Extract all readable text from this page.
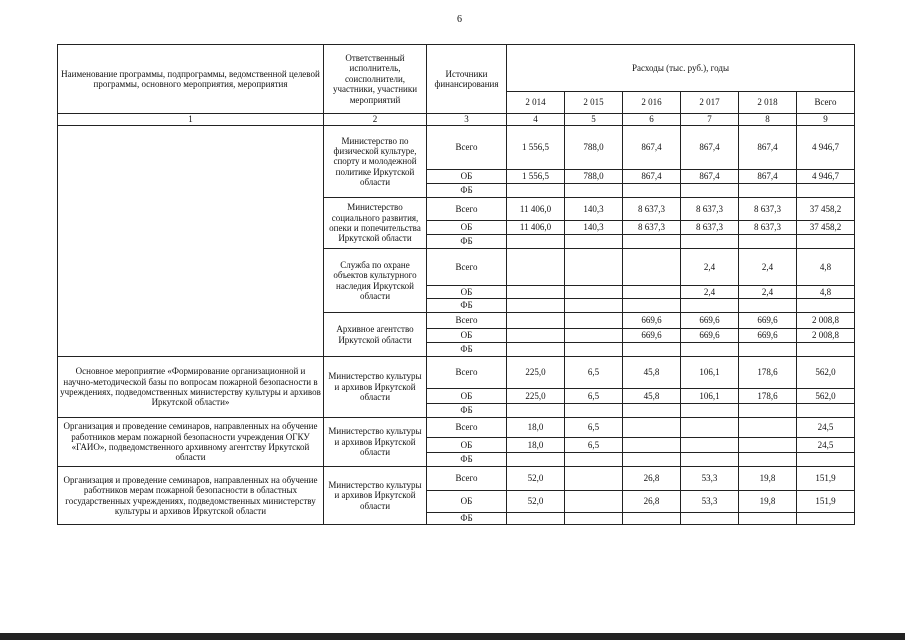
6
Наименование программы, подпрограммы, ведомственной целевой программы, основного мероприятия, мероприятия	Ответственный исполнитель, соисполнители, участники, участники мероприятий	Источники финансирования	Расходы (тыс. руб.), годы					
			2 014	2 015	2 016	2 017	2 018	Всего
1	2	3	4	5	6	7	8	9
	Министерство по физической культуре, спорту и молодежной политике Иркутской области	Всего	1 556,5	788,0	867,4	867,4	867,4	4 946,7
		ОБ	1 556,5	788,0	867,4	867,4	867,4	4 946,7
		ФБ						
	Министерство социального развития, опеки и попечительства Иркутской области	Всего	11 406,0	140,3	8 637,3	8 637,3	8 637,3	37 458,2
		ОБ	11 406,0	140,3	8 637,3	8 637,3	8 637,3	37 458,2
		ФБ						
	Служба по охране объектов культурного наследия Иркутской области	Всего				2,4	2,4	4,8
		ОБ				2,4	2,4	4,8
		ФБ						
	Архивное агентство Иркутской области	Всего			669,6	669,6	669,6	2 008,8
		ОБ			669,6	669,6	669,6	2 008,8
		ФБ						
Основное мероприятие «Формирование организационной и научно-методической базы по вопросам пожарной безопасности в учреждениях, подведомственных министерству культуры и архивов Иркутской области»	Министерство культуры и архивов Иркутской области	Всего	225,0	6,5	45,8	106,1	178,6	562,0
		ОБ	225,0	6,5	45,8	106,1	178,6	562,0
		ФБ						
Организация и проведение семинаров, направленных на обучение работников мерам пожарной безопасности учреждения ОГКУ «ГАИО», подведомственного архивному агентству Иркутской области	Министерство культуры и архивов Иркутской области	Всего	18,0	6,5				24,5
		ОБ	18,0	6,5				24,5
		ФБ						
Организация и проведение семинаров, направленных на обучение работников мерам пожарной безопасности в областных государственных учреждениях, подведомственных министерству культуры и архивов Иркутской области	Министерство культуры и архивов Иркутской области	Всего	52,0		26,8	53,3	19,8	151,9
		ОБ	52,0		26,8	53,3	19,8	151,9
		ФБ						
